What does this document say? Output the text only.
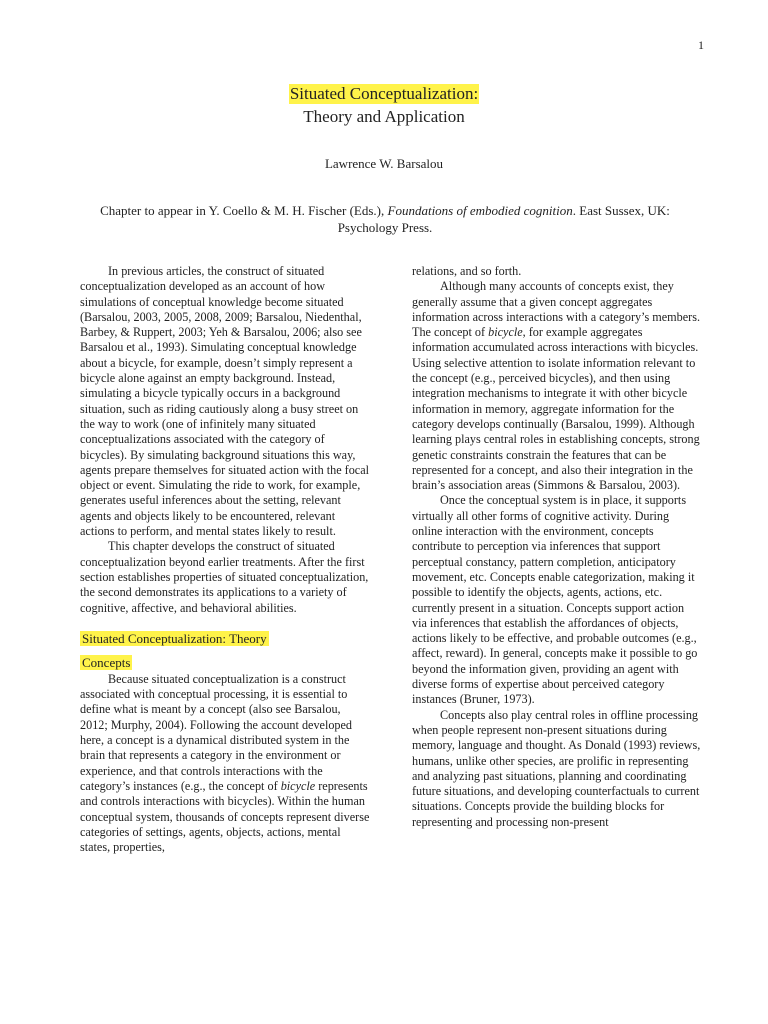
1
Situated Conceptualization:
Theory and Application
Lawrence W. Barsalou
Chapter to appear in Y. Coello & M. H. Fischer (Eds.), Foundations of embodied cognition. East Sussex, UK: Psychology Press.

In previous articles, the construct of situated conceptualization developed as an account of how simulations of conceptual knowledge become situated (Barsalou, 2003, 2005, 2008, 2009; Barsalou, Niedenthal, Barbey, & Ruppert, 2003; Yeh & Barsalou, 2006; also see Barsalou et al., 1993). Simulating conceptual knowledge about a bicycle, for example, doesn’t simply represent a bicycle alone against an empty background. Instead, simulating a bicycle typically occurs in a background situation, such as riding cautiously along a busy street on the way to work (one of infinitely many situated conceptualizations associated with the category of bicycles). By simulating background situations this way, agents prepare themselves for situated action with the focal object or event. Simulating the ride to work, for example, generates useful inferences about the setting, relevant agents and objects likely to be encountered, relevant actions to perform, and mental states likely to result.

This chapter develops the construct of situated conceptualization beyond earlier treatments. After the first section establishes properties of situated conceptualization, the second demonstrates its applications to a variety of cognitive, affective, and behavioral abilities.

Situated Conceptualization: Theory
Concepts

Because situated conceptualization is a construct associated with conceptual processing, it is essential to define what is meant by a concept (also see Barsalou, 2012; Murphy, 2004). Following the account developed here, a concept is a dynamical distributed system in the brain that represents a category in the environment or experience, and that controls interactions with the category’s instances (e.g., the concept of bicycle represents and controls interactions with bicycles). Within the human conceptual system, thousands of concepts represent diverse categories of settings, agents, objects, actions, mental states, properties,

relations, and so forth.

Although many accounts of concepts exist, they generally assume that a given concept aggregates information across interactions with a category’s members. The concept of bicycle, for example aggregates information accumulated across interactions with bicycles. Using selective attention to isolate information relevant to the concept (e.g., perceived bicycles), and then using integration mechanisms to integrate it with other bicycle information in memory, aggregate information for the category develops continually (Barsalou, 1999). Although learning plays central roles in establishing concepts, strong genetic constraints constrain the features that can be represented for a concept, and also their integration in the brain’s association areas (Simmons & Barsalou, 2003).

Once the conceptual system is in place, it supports virtually all other forms of cognitive activity. During online interaction with the environment, concepts contribute to perception via inferences that support perceptual constancy, pattern completion, anticipatory movement, etc. Concepts enable categorization, making it possible to identify the objects, agents, actions, etc. currently present in a situation. Concepts support action via inferences that establish the affordances of objects, actions likely to be effective, and probable outcomes (e.g., affect, reward). In general, concepts make it possible to go beyond the information given, providing an agent with diverse forms of expertise about perceived category instances (Bruner, 1973).

Concepts also play central roles in offline processing when people represent non-present situations during memory, language and thought. As Donald (1993) reviews, humans, unlike other species, are prolific in representing and analyzing past situations, planning and coordinating future situations, and developing counterfactuals to current situations. Concepts provide the building blocks for representing and processing non-present
